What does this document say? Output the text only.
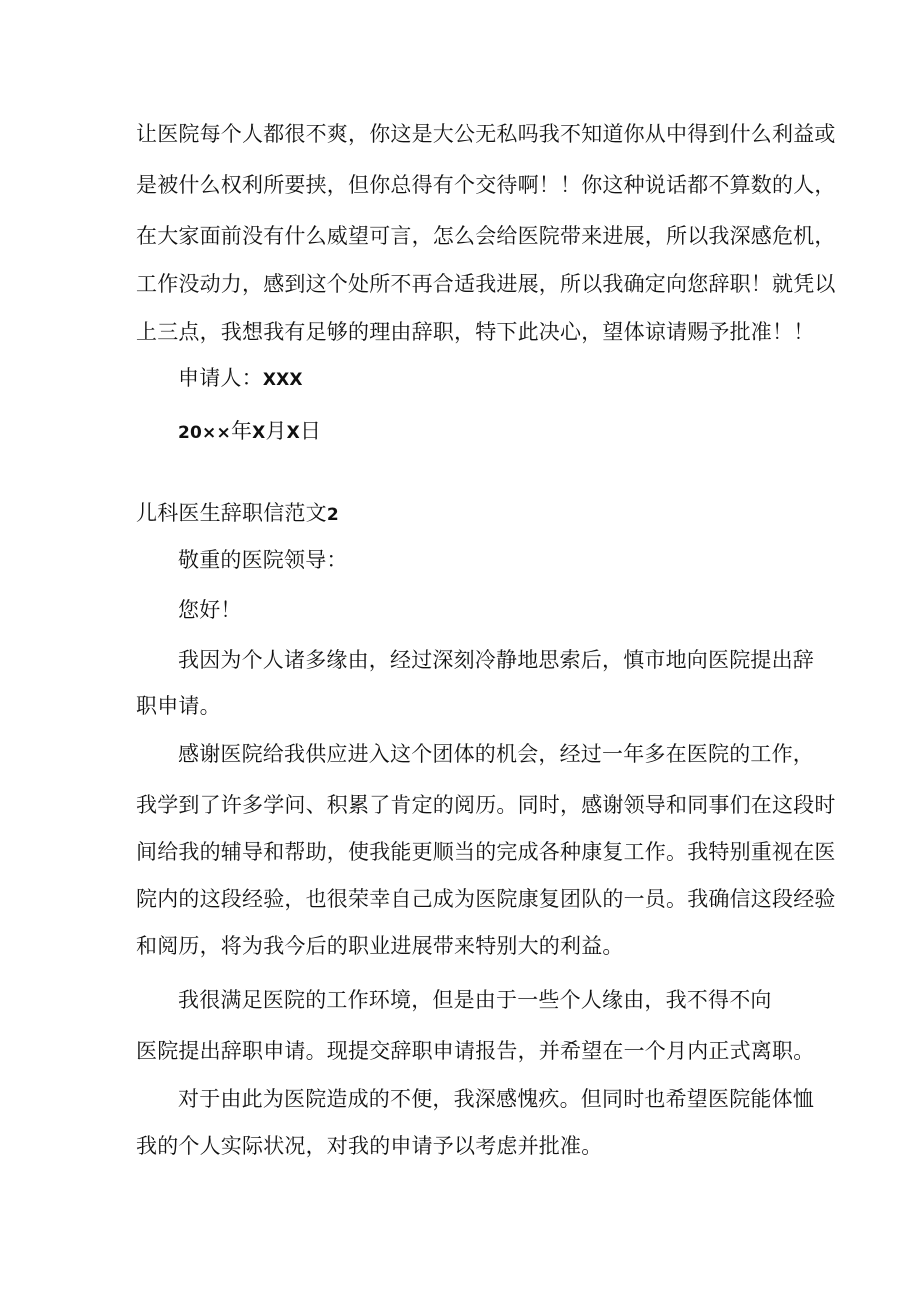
让医院每个人都很不爽，你这是大公无私吗我不知道你从中得到什么利益或
是被什么权利所要挟，但你总得有个交待啊！！你这种说话都不算数的人，
在大家面前没有什么威望可言，怎么会给医院带来进展，所以我深感危机，
工作没动力，感到这个处所不再合适我进展，所以我确定向您辞职！就凭以
上三点，我想我有足够的理由辞职，特下此决心，望体谅请赐予批准！！
申请人：XXX
20××年X月X日
儿科医生辞职信范文2
敬重的医院领导：
您好！
我因为个人诸多缘由，经过深刻冷静地思索后，慎市地向医院提出辞
职申请。
感谢医院给我供应进入这个团体的机会，经过一年多在医院的工作，
我学到了许多学问、积累了肯定的阅历。同时，感谢领导和同事们在这段时
间给我的辅导和帮助，使我能更顺当的完成各种康复工作。我特别重视在医
院内的这段经验，也很荣幸自己成为医院康复团队的一员。我确信这段经验
和阅历，将为我今后的职业进展带来特别大的利益。
我很满足医院的工作环境，但是由于一些个人缘由，我不得不向
医院提出辞职申请。现提交辞职申请报告，并希望在一个月内正式离职。
对于由此为医院造成的不便，我深感愧疚。但同时也希望医院能体恤
我的个人实际状况，对我的申请予以考虑并批准。
